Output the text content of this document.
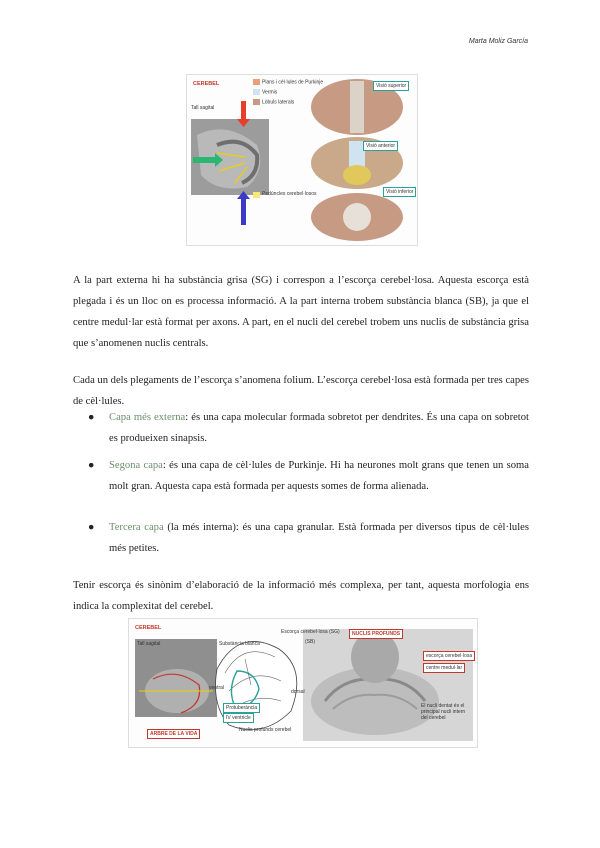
Marta Moliz García
CEREBEL	Plans i cèl·lules de Purkinje
Vermis
Lòbuls laterals
Tall sagital
Visió superior
Visió anterior
Visió inferior
Pedúncles cerebel·losos
A la part externa hi ha substància grisa (SG) i correspon a l’escorça cerebel·losa. Aquesta escorça està plegada i és un lloc on es processa informació. A la part interna trobem substància blanca (SB), ja que el centre medul·lar està format per axons. A part, en el nucli del cerebel trobem uns nuclis de substància grisa que s’anomenen nuclis centrals.
Cada un dels plegaments de l’escorça s’anomena folium. L’escorça cerebel·losa està formada per tres capes de cèl·lules.
● Capa més externa: és una capa molecular formada sobretot per dendrites. És una capa on sobretot es produeixen sinapsis.
● Segona capa: és una capa de cèl·lules de Purkinje. Hi ha neurones molt grans que tenen un soma molt gran. Aquesta capa està formada per aquests somes de forma alienada.
● Tercera capa (la més interna): és una capa granular. Està formada per diversos tipus de cèl·lules més petites.
Tenir escorça és sinònim d’elaboració de la informació més complexa, per tant, aquesta morfologia ens indica la complexitat del cerebel.
CEREBEL
Tall sagital
Escorça cerebel·losa (SG)
Substància blanca	(SB)
ventral
dorsal
Protuberància
IV ventricle
Nuclis profunds cerebel
ARBRE DE LA VIDA
NUCLIS PROFUNDS
escorça cerebel·losa
centre medul·lar
El nucli dentat és el principal nucli intern del cerebel
